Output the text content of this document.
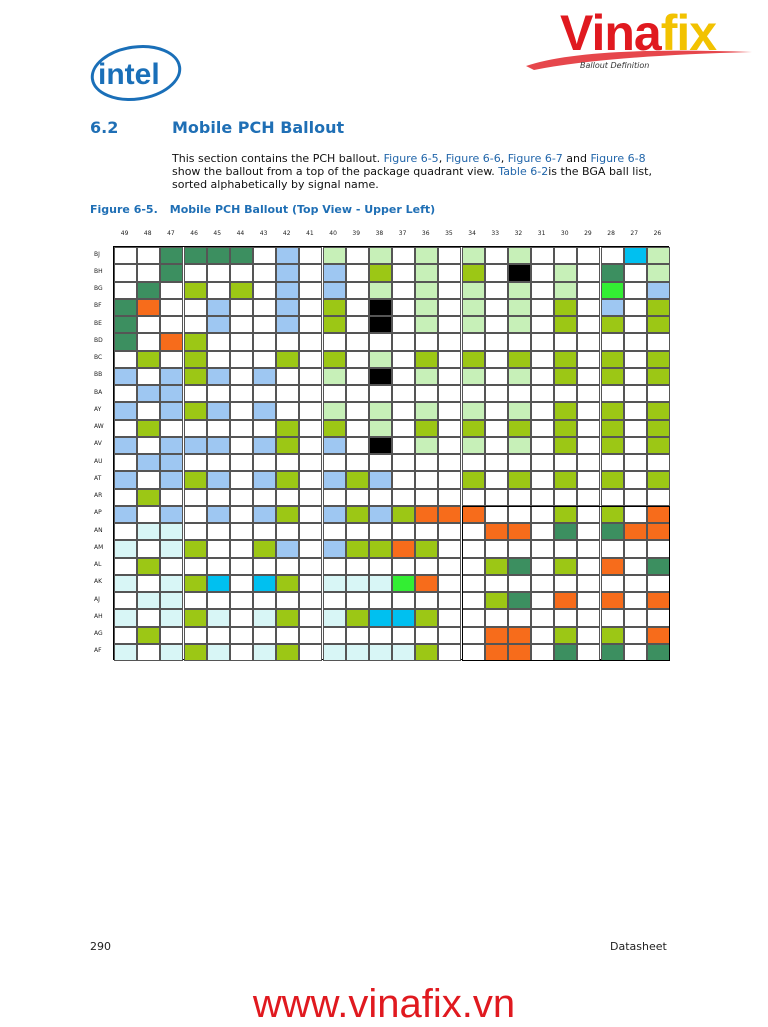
intel
Vinafix
Ballout Definition
6.2	Mobile PCH Ballout
This section contains the PCH ballout. Figure 6-5, Figure 6-6, Figure 6-7 and Figure 6-8 show the ballout from a top of the package quadrant view. Table 6-2is the BGA ball list, sorted alphabetically by signal name.
Figure 6-5. Mobile PCH Ballout (Top View - Upper Left)
49	48	47	46	45	44	43	42	41	40	39	38	37	36	35	34	33	32	31	30	29	28	27	26
BJ
BH
BG
BF
BE
BD
BC
BB
BA
AY
AW
AV
AU
AT
AR
AP
AN
AM
AL
AK
AJ
AH
AG
AF
290	Datasheet
www.vinafix.vn
